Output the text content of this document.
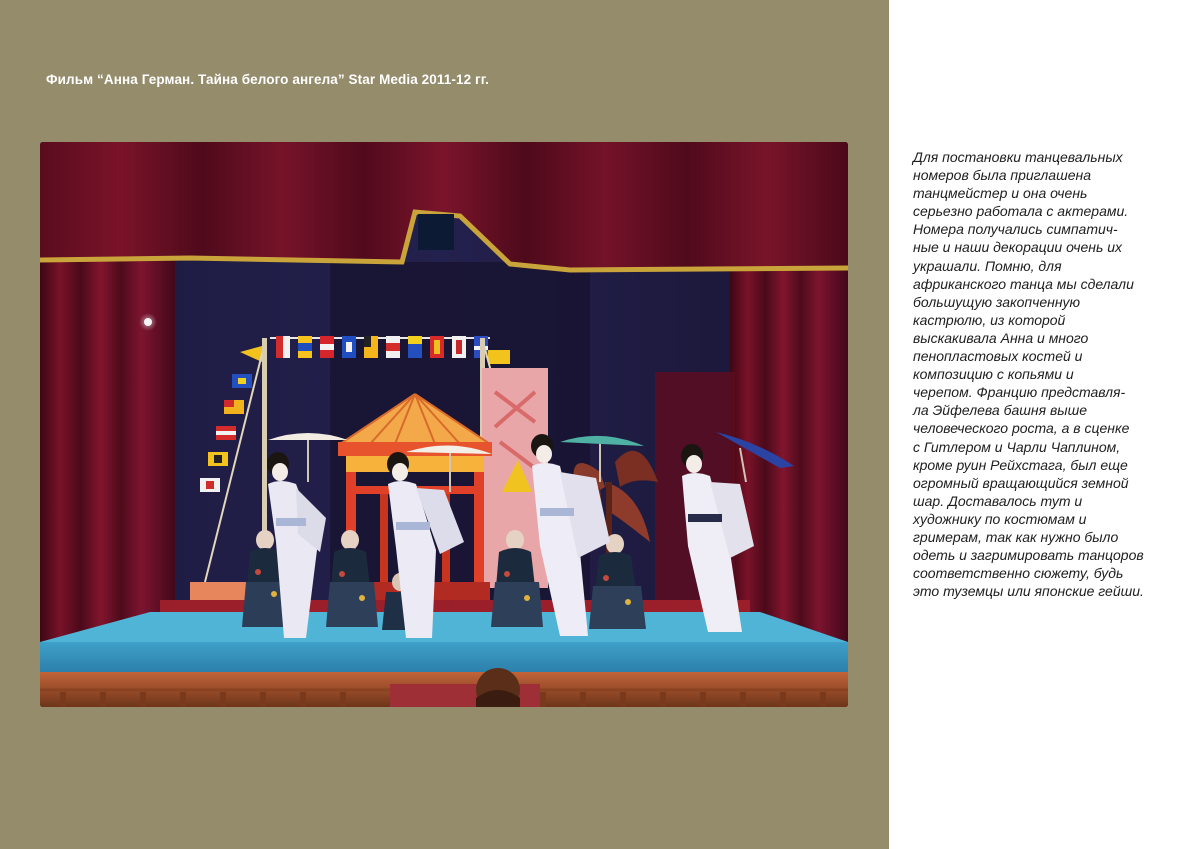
Фильм “Анна Герман. Тайна белого ангела” Star Media 2011-12 гг.

Для постановки танцевальных
номеров была приглашена
танцмейстер и она очень
серьезно работала с актерами.
Номера получались симпатич-
ные и наши декорации очень их
украшали. Помню, для
африканского танца мы сделали
большущую закопченную
кастрюлю, из которой
выскакивала Анна и много
пенопластовых костей и
композицию с копьями и
черепом. Францию представля-
ла Эйфелева башня выше
человеческого роста, а в сценке
с Гитлером и Чарли Чаплином,
кроме руин Рейхстага, был еще
огромный вращающийся земной
шар. Доставалось тут и
художнику по костюмам и
гримерам, так как нужно было
одеть и загримировать танцоров
соответственно сюжету, будь
это туземцы или японские гейши.
